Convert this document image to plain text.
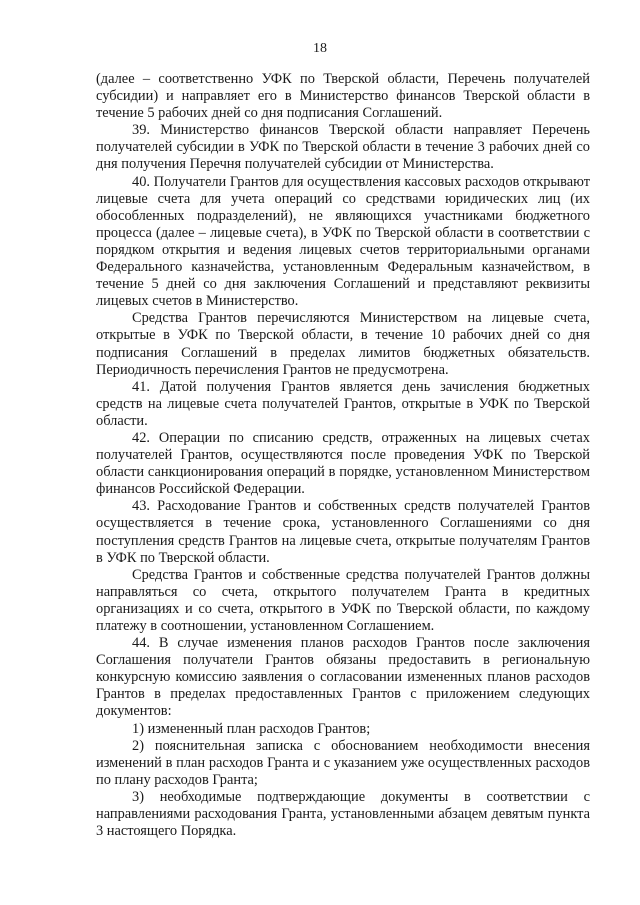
18

(далее – соответственно УФК по Тверской области, Перечень получателей субсидии) и направляет его в Министерство финансов Тверской области в течение 5 рабочих дней со дня подписания Соглашений.

39. Министерство финансов Тверской области направляет Перечень получателей субсидии в УФК по Тверской области в течение 3 рабочих дней со дня получения Перечня получателей субсидии от Министерства.

40. Получатели Грантов для осуществления кассовых расходов открывают лицевые счета для учета операций со средствами юридических лиц (их обособленных подразделений), не являющихся участниками бюджетного процесса (далее – лицевые счета), в УФК по Тверской области в соответствии с порядком открытия и ведения лицевых счетов территориальными органами Федерального казначейства, установленным Федеральным казначейством, в течение 5 дней со дня заключения Соглашений и представляют реквизиты лицевых счетов в Министерство.

Средства Грантов перечисляются Министерством на лицевые счета, открытые в УФК по Тверской области, в течение 10 рабочих дней со дня подписания Соглашений в пределах лимитов бюджетных обязательств. Периодичность перечисления Грантов не предусмотрена.

41. Датой получения Грантов является день зачисления бюджетных средств на лицевые счета получателей Грантов, открытые в УФК по Тверской области.

42. Операции по списанию средств, отраженных на лицевых счетах получателей Грантов, осуществляются после проведения УФК по Тверской области санкционирования операций в порядке, установленном Министерством финансов Российской Федерации.

43. Расходование Грантов и собственных средств получателей Грантов осуществляется в течение срока, установленного Соглашениями со дня поступления средств Грантов на лицевые счета, открытые получателям Грантов в УФК по Тверской области.

Средства Грантов и собственные средства получателей Грантов должны направляться со счета, открытого получателем Гранта в кредитных организациях и со счета, открытого в УФК по Тверской области, по каждому платежу в соотношении, установленном Соглашением.

44. В случае изменения планов расходов Грантов после заключения Соглашения получатели Грантов обязаны предоставить в региональную конкурсную комиссию заявления о согласовании измененных планов расходов Грантов в пределах предоставленных Грантов с приложением следующих документов:

1) измененный план расходов Грантов;

2) пояснительная записка с обоснованием необходимости внесения изменений в план расходов Гранта и с указанием уже осуществленных расходов по плану расходов Гранта;

3) необходимые подтверждающие документы в соответствии с направлениями расходования Гранта, установленными абзацем девятым пункта 3 настоящего Порядка.
